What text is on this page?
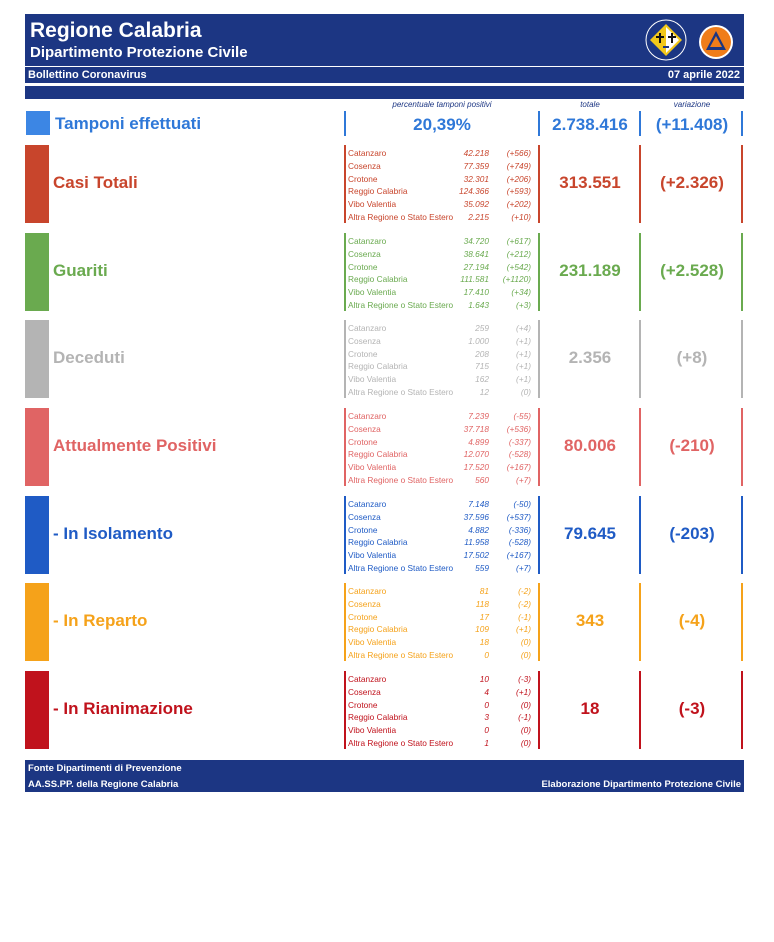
Regione Calabria
Dipartimento Protezione Civile
Bollettino Coronavirus	07 aprile 2022
percentuale tamponi positivi	totale	variazione
Tamponi effettuati	20,39%	2.738.416	(+11.408)
Casi Totali
Catanzaro	42.218 (+566)
Cosenza	77.359 (+749)
Crotone	32.301 (+206)
Reggio Calabria	124.366 (+593)
Vibo Valentia	35.092 (+202)
Altra Regione o Stato Estero 2.215	(+10)
313.551	(+2.326)
Guariti
Catanzaro	34.720 (+617)
Cosenza	38.641 (+212)
Crotone	27.194 (+542)
Reggio Calabria	111.581 (+1120)
Vibo Valentia	17.410	(+34)
Altra Regione o Stato Estero 1.643	(+3)
231.189	(+2.528)
Deceduti
Catanzaro	259	(+4)
Cosenza	1.000	(+1)
Crotone	208	(+1)
Reggio Calabria	715	(+1)
Vibo Valentia	162	(+1)
Altra Regione o Stato Estero	12	(0)
2.356	(+8)
Attualmente Positivi
Catanzaro	7.239	(-55)
Cosenza	37.718 (+536)
Crotone	4.899 (-337)
Reggio Calabria	12.070 (-528)
Vibo Valentia	17.520 (+167)
Altra Regione o Stato Estero	560	(+7)
80.006	(-210)
- In Isolamento
Catanzaro	7.148	(-50)
Cosenza	37.596 (+537)
Crotone	4.882 (-336)
Reggio Calabria	11.958 (-528)
Vibo Valentia	17.502 (+167)
Altra Regione o Stato Estero	559	(+7)
79.645	(-203)
- In Reparto
Catanzaro	81	(-2)
Cosenza	118	(-2)
Crotone	17	(-1)
Reggio Calabria	109	(+1)
Vibo Valentia	18	(0)
Altra Regione o Stato Estero	0	(0)
343	(-4)
- In Rianimazione
Catanzaro	10	(-3)
Cosenza	4	(+1)
Crotone	0	(0)
Reggio Calabria	3	(-1)
Vibo Valentia	0	(0)
Altra Regione o Stato Estero	1	(0)
18	(-3)
Fonte Dipartimenti di Prevenzione
AA.SS.PP. della Regione Calabria	Elaborazione Dipartimento Protezione Civile
